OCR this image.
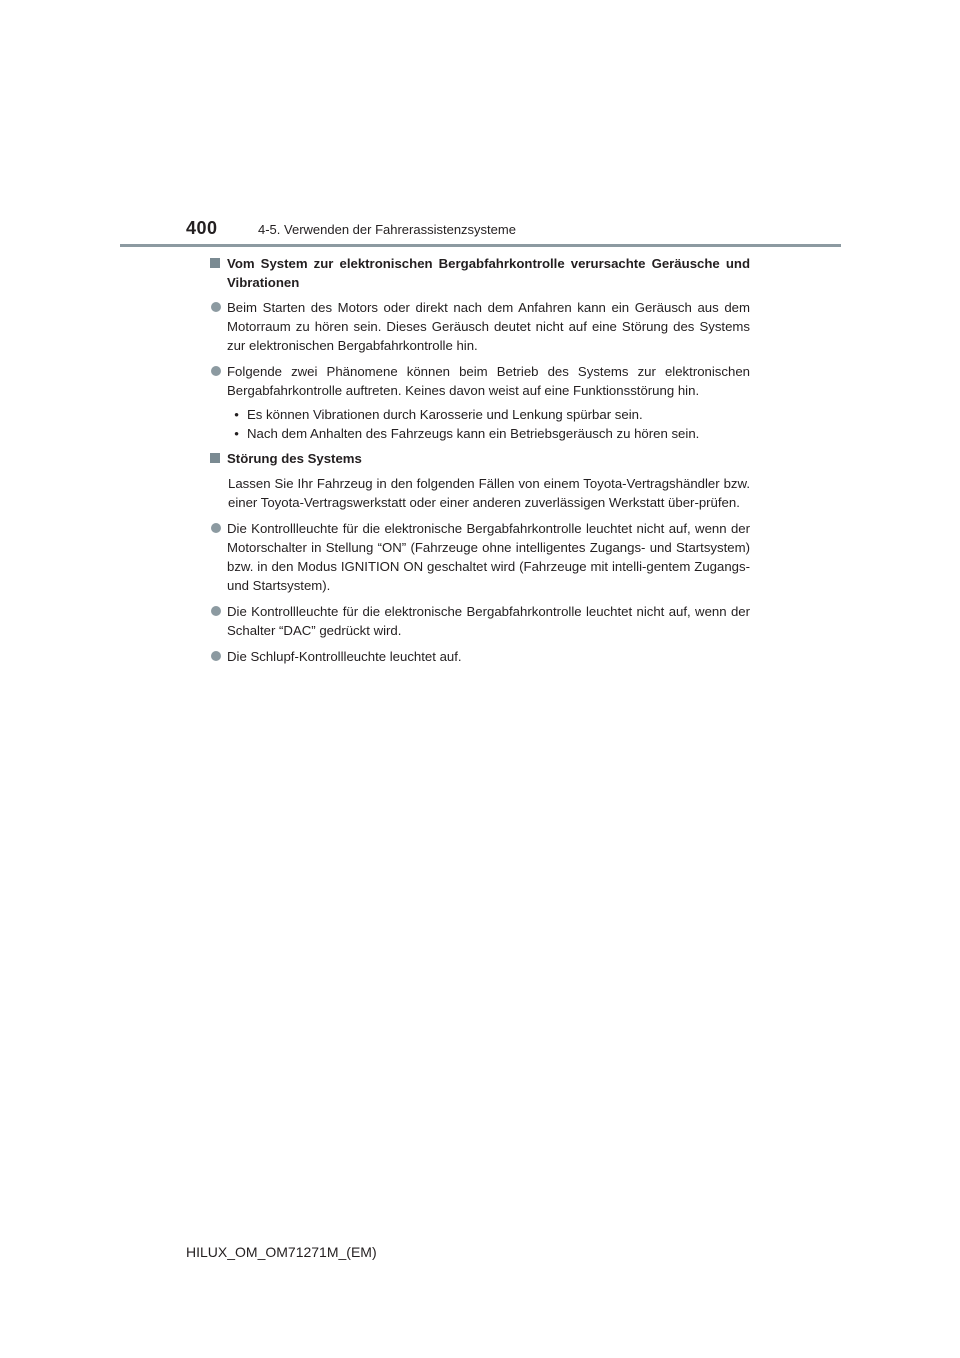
400	4-5. Verwenden der Fahrerassistenzsysteme
Vom System zur elektronischen Bergabfahrkontrolle verursachte Geräusche und Vibrationen
Beim Starten des Motors oder direkt nach dem Anfahren kann ein Geräusch aus dem Motorraum zu hören sein. Dieses Geräusch deutet nicht auf eine Störung des Systems zur elektronischen Bergabfahrkontrolle hin.
Folgende zwei Phänomene können beim Betrieb des Systems zur elektronischen Bergabfahrkontrolle auftreten. Keines davon weist auf eine Funktionsstörung hin.
• Es können Vibrationen durch Karosserie und Lenkung spürbar sein.
• Nach dem Anhalten des Fahrzeugs kann ein Betriebsgeräusch zu hören sein.
Störung des Systems
Lassen Sie Ihr Fahrzeug in den folgenden Fällen von einem Toyota-Vertragshändler bzw. einer Toyota-Vertragswerkstatt oder einer anderen zuverlässigen Werkstatt über-prüfen.
Die Kontrollleuchte für die elektronische Bergabfahrkontrolle leuchtet nicht auf, wenn der Motorschalter in Stellung “ON” (Fahrzeuge ohne intelligentes Zugangs- und Startsystem) bzw. in den Modus IGNITION ON geschaltet wird (Fahrzeuge mit intelli-gentem Zugangs- und Startsystem).
Die Kontrollleuchte für die elektronische Bergabfahrkontrolle leuchtet nicht auf, wenn der Schalter “DAC” gedrückt wird.
Die Schlupf-Kontrollleuchte leuchtet auf.
HILUX_OM_OM71271M_(EM)
